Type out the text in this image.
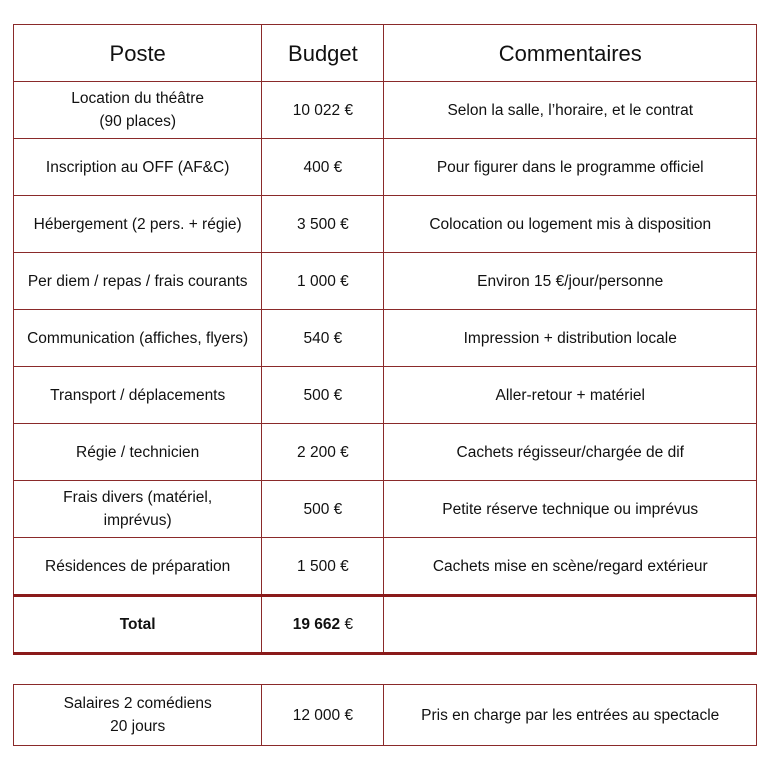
Poste	Budget	Commentaires
Location du théâtre
(90 places)	10 022 €	Selon la salle, l’horaire, et le contrat
Inscription au OFF (AF&C)	400 €	Pour figurer dans le programme officiel
Hébergement (2 pers. + régie)	3 500 €	Colocation ou logement mis à disposition
Per diem / repas / frais courants	1 000 €	Environ 15 €/jour/personne
Communication (affiches, flyers)	540 €	Impression + distribution locale
Transport / déplacements	500 €	Aller-retour + matériel
Régie / technicien	2 200 €	Cachets régisseur/chargée de dif
Frais divers (matériel,
imprévus)	500 €	Petite réserve technique ou imprévus
Résidences de préparation	1 500 €	Cachets mise en scène/regard extérieur
Total	19 662 €	
Salaires 2 comédiens
20 jours	12 000 €	Pris en charge par les entrées au spectacle
